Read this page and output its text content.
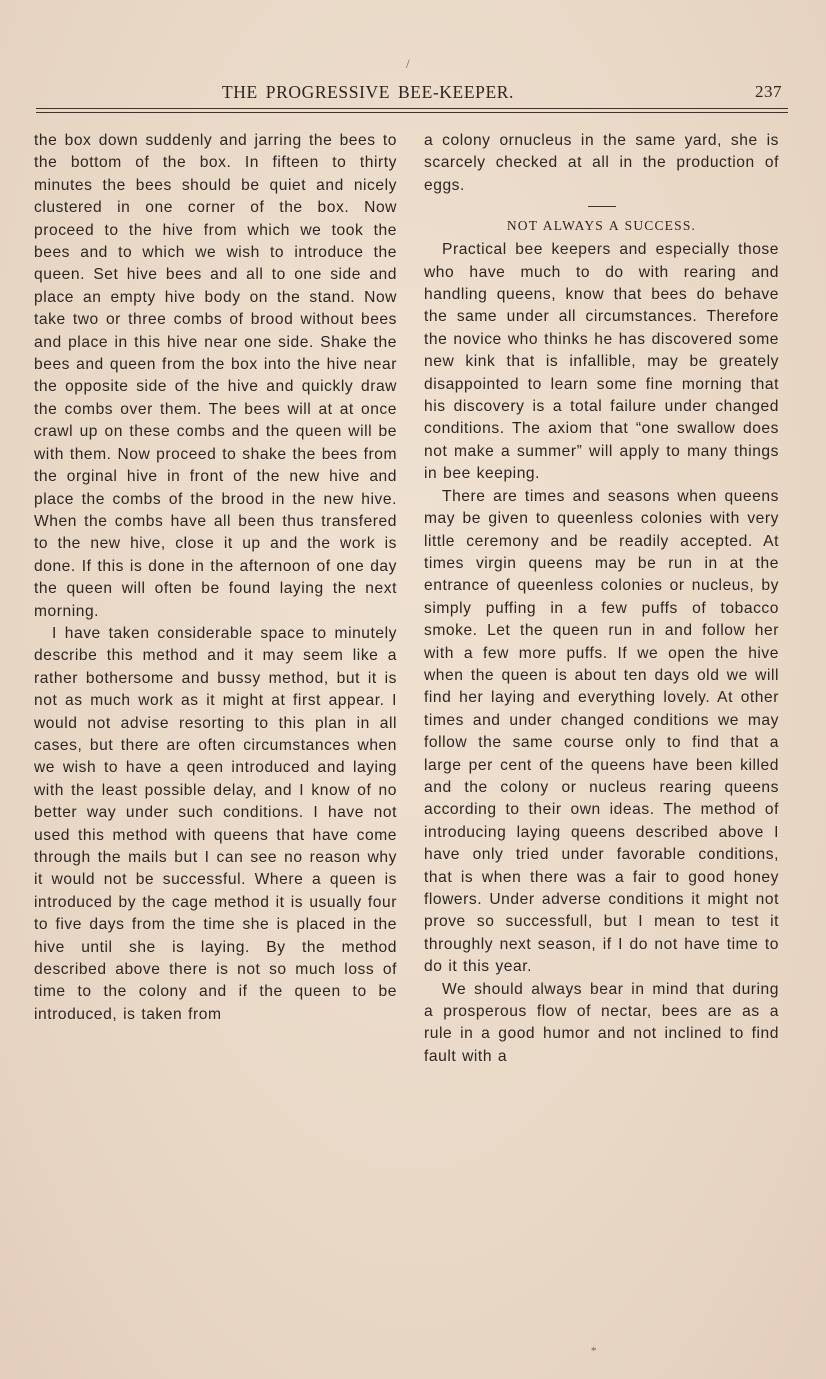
/
THE PROGRESSIVE BEE-KEEPER.	237

the box down suddenly and jarring the bees to the bottom of the box. In fifteen to thirty minutes the bees should be quiet and nicely clustered in one corner of the box. Now proceed to the hive from which we took the bees and to which we wish to introduce the queen. Set hive bees and all to one side and place an empty hive body on the stand. Now take two or three combs of brood without bees and place in this hive near one side. Shake the bees and queen from the box into the hive near the opposite side of the hive and quickly draw the combs over them. The bees will at at once crawl up on these combs and the queen will be with them. Now proceed to shake the bees from the orginal hive in front of the new hive and place the combs of the brood in the new hive. When the combs have all been thus transfered to the new hive, close it up and the work is done. If this is done in the afternoon of one day the queen will often be found laying the next morning.

I have taken considerable space to minutely describe this method and it may seem like a rather bothersome and bussy method, but it is not as much work as it might at first appear. I would not advise resorting to this plan in all cases, but there are often circumstances when we wish to have a qeen introduced and laying with the least possible delay, and I know of no better way under such conditions. I have not used this method with queens that have come through the mails but I can see no reason why it would not be successful. Where a queen is introduced by the cage method it is usually four to five days from the time she is placed in the hive until she is laying. By the method described above there is not so much loss of time to the colony and if the queen to be introduced, is taken from

a colony ornucleus in the same yard, she is scarcely checked at all in the production of eggs.

NOT ALWAYS A SUCCESS.

Practical bee keepers and especially those who have much to do with rearing and handling queens, know that bees do behave the same under all circumstances. Therefore the novice who thinks he has discovered some new kink that is infallible, may be greately disappointed to learn some fine morning that his discovery is a total failure under changed conditions. The axiom that “one swallow does not make a summer” will apply to many things in bee keeping.

There are times and seasons when queens may be given to queenless colonies with very little ceremony and be readily accepted. At times virgin queens may be run in at the entrance of queenless colonies or nucleus, by simply puffing in a few puffs of tobacco smoke. Let the queen run in and follow her with a few more puffs. If we open the hive when the queen is about ten days old we will find her laying and everything lovely. At other times and under changed conditions we may follow the same course only to find that a large per cent of the queens have been killed and the colony or nucleus rearing queens according to their own ideas. The method of introducing laying queens described above I have only tried under favorable conditions, that is when there was a fair to good honey flowers. Under adverse conditions it might not prove so successfull, but I mean to test it throughly next season, if I do not have time to do it this year.

We should always bear in mind that during a prosperous flow of nectar, bees are as a rule in a good humor and not inclined to find fault with a

*
